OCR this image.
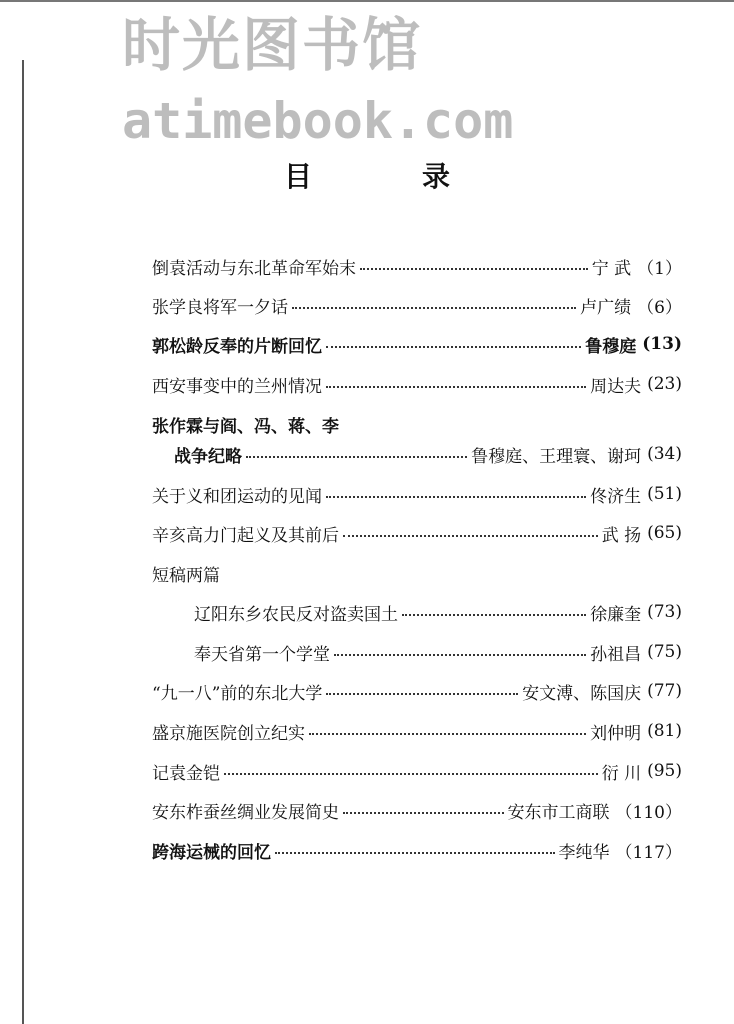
时光图书馆
atimebook.com
目	录
倒袁活动与东北革命军始末	宁 武 （1）
张学良将军一夕话	卢广绩 （6）
郭松龄反奉的片断回忆	鲁穆庭 (13)
西安事变中的兰州情况	周达夫 (23)
张作霖与阎、冯、蒋、李
战争纪略	鲁穆庭、王理寰、谢珂 (34)
关于义和团运动的见闻	佟济生 (51)
辛亥高力门起义及其前后	武 扬 (65)
短稿两篇
辽阳东乡农民反对盗卖国土	徐廉奎 (73)
奉天省第一个学堂	孙祖昌 (75)
“九一八”前的东北大学	安文溥、陈国庆 (77)
盛京施医院创立纪实	刘仲明 (81)
记袁金铠	衍 川 (95)
安东柞蚕丝绸业发展简史	安东市工商联 （110）
跨海运械的回忆	李纯华 （117）
